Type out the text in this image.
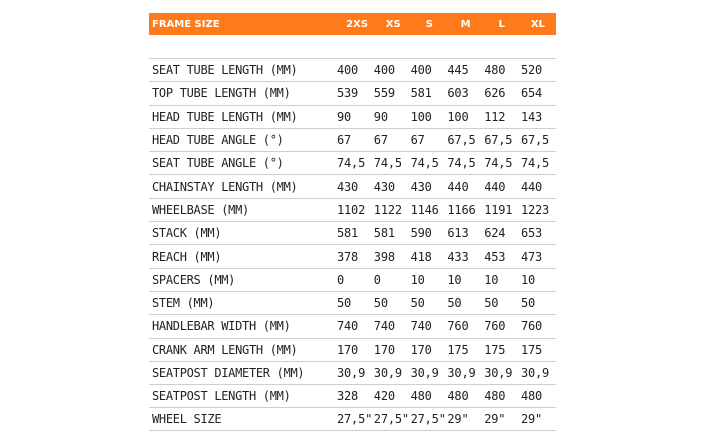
FRAME SIZE	2XS	XS	S	M	L	XL
SEAT TUBE LENGTH (MM)	400	400	400	445	480	520
TOP TUBE LENGTH (MM)	539	559	581	603	626	654
HEAD TUBE LENGTH (MM)	90	90	100	100	112	143
HEAD TUBE ANGLE (°)	67	67	67	67,5 67,5 67,5
SEAT TUBE ANGLE (°)	74,5 74,5 74,5 74,5 74,5 74,5
CHAINSTAY LENGTH (MM)	430	430	430	440	440	440
WHEELBASE (MM)	1102 1122 1146 1166 1191 1223
STACK (MM)	581	581	590	613	624	653
REACH (MM)	378	398	418	433	453	473
SPACERS (MM)	0	0	10	10	10	10
STEM (MM)	50	50	50	50	50	50
HANDLEBAR WIDTH (MM)	740	740	740	760	760	760
CRANK ARM LENGTH (MM)	170	170	170	175	175	175
SEATPOST DIAMETER (MM)	30,9 30,9 30,9 30,9 30,9 30,9
SEATPOST LENGTH (MM)	328	420	480	480	480	480
WHEEL SIZE	27,5" 27,5" 27,5" 29"	29"	29"
